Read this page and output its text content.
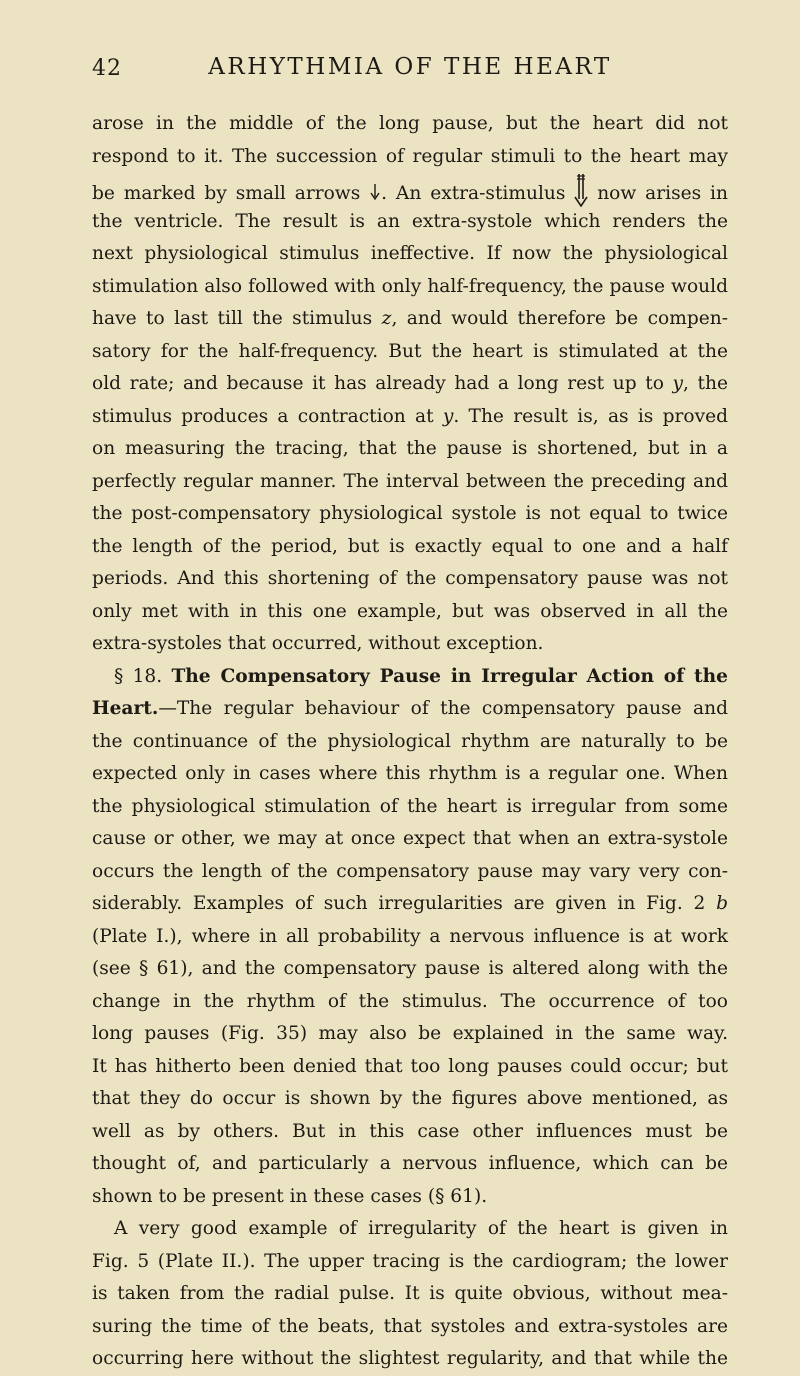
42	ARHYTHMIA OF THE HEART
arose in the middle of the long pause, but the heart did not
respond to it. The succession of regular stimuli to the heart may
be marked by small arrows . An extra-stimulus now arises in
the ventricle. The result is an extra-systole which renders the
next physiological stimulus ineffective. If now the physiological
stimulation also followed with only half-frequency, the pause would
have to last till the stimulus z, and would therefore be compen-
satory for the half-frequency. But the heart is stimulated at the
old rate; and because it has already had a long rest up to y, the
stimulus produces a contraction at y. The result is, as is proved
on measuring the tracing, that the pause is shortened, but in a
perfectly regular manner. The interval between the preceding and
the post-compensatory physiological systole is not equal to twice
the length of the period, but is exactly equal to one and a half
periods. And this shortening of the compensatory pause was not
only met with in this one example, but was observed in all the
extra-systoles that occurred, without exception.
§ 18. The Compensatory Pause in Irregular Action of the
Heart.—The regular behaviour of the compensatory pause and
the continuance of the physiological rhythm are naturally to be
expected only in cases where this rhythm is a regular one. When
the physiological stimulation of the heart is irregular from some
cause or other, we may at once expect that when an extra-systole
occurs the length of the compensatory pause may vary very con-
siderably. Examples of such irregularities are given in Fig. 2 b
(Plate I.), where in all probability a nervous influence is at work
(see § 61), and the compensatory pause is altered along with the
change in the rhythm of the stimulus. The occurrence of too
long pauses (Fig. 35) may also be explained in the same way.
It has hitherto been denied that too long pauses could occur; but
that they do occur is shown by the figures above mentioned, as
well as by others. But in this case other influences must be
thought of, and particularly a nervous influence, which can be
shown to be present in these cases (§ 61).
A very good example of irregularity of the heart is given in
Fig. 5 (Plate II.). The upper tracing is the cardiogram; the lower
is taken from the radial pulse. It is quite obvious, without mea-
suring the time of the beats, that systoles and extra-systoles are
occurring here without the slightest regularity, and that while the
